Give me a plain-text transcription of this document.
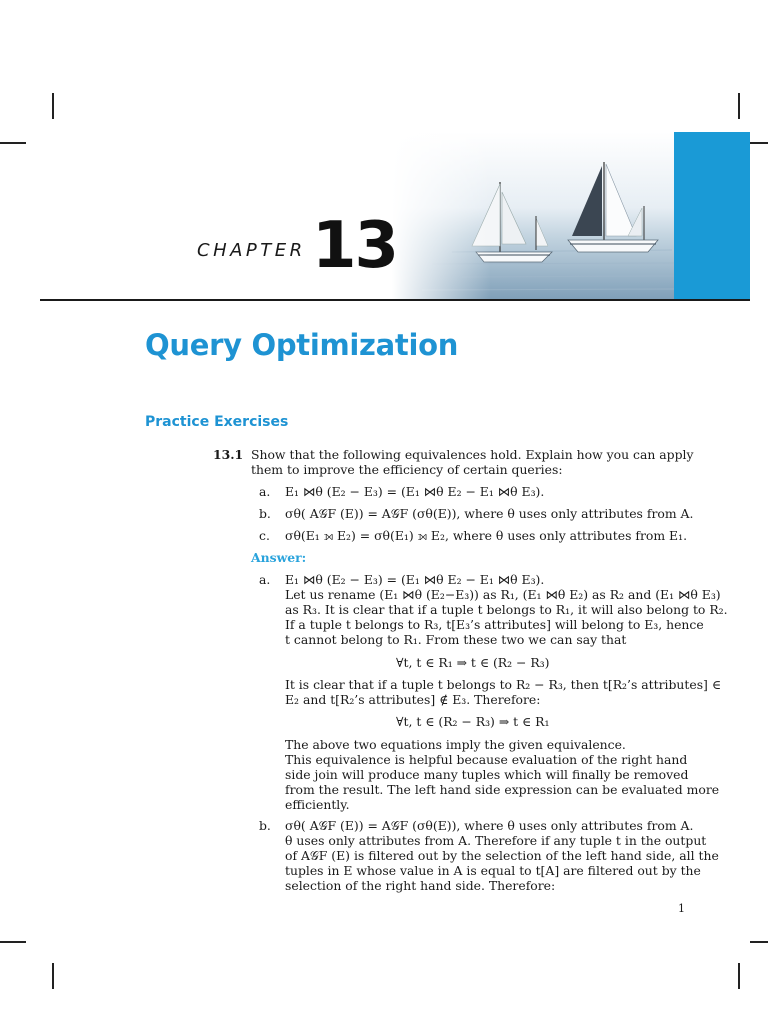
CHAPTER 13
Query Optimization
Practice Exercises
13.1 Show that the following equivalences hold. Explain how you can apply
them to improve the efficiency of certain queries:
a. E₁ ⋈θ (E₂ − E₃) = (E₁ ⋈θ E₂ − E₁ ⋈θ E₃).
b. σθ( A𝒢F (E)) = A𝒢F (σθ(E)), where θ uses only attributes from A.
c. σθ(E₁ ⟕ E₂) = σθ(E₁) ⟕ E₂, where θ uses only attributes from E₁.
Answer:
a. E₁ ⋈θ (E₂ − E₃) = (E₁ ⋈θ E₂ − E₁ ⋈θ E₃).
Let us rename (E₁ ⋈θ (E₂−E₃)) as R₁, (E₁ ⋈θ E₂) as R₂ and (E₁ ⋈θ E₃)
as R₃. It is clear that if a tuple t belongs to R₁, it will also belong to R₂.
If a tuple t belongs to R₃, t[E₃’s attributes] will belong to E₃, hence
t cannot belong to R₁. From these two we can say that
∀t, t ∈ R₁ ⇒ t ∈ (R₂ − R₃)
It is clear that if a tuple t belongs to R₂ − R₃, then t[R₂’s attributes] ∈
E₂ and t[R₂’s attributes] ∉ E₃. Therefore:
∀t, t ∈ (R₂ − R₃) ⇒ t ∈ R₁
The above two equations imply the given equivalence.
This equivalence is helpful because evaluation of the right hand
side join will produce many tuples which will finally be removed
from the result. The left hand side expression can be evaluated more
efficiently.
b. σθ( A𝒢F (E)) = A𝒢F (σθ(E)), where θ uses only attributes from A.
θ uses only attributes from A. Therefore if any tuple t in the output
of A𝒢F (E) is filtered out by the selection of the left hand side, all the
tuples in E whose value in A is equal to t[A] are filtered out by the
selection of the right hand side. Therefore:
1
